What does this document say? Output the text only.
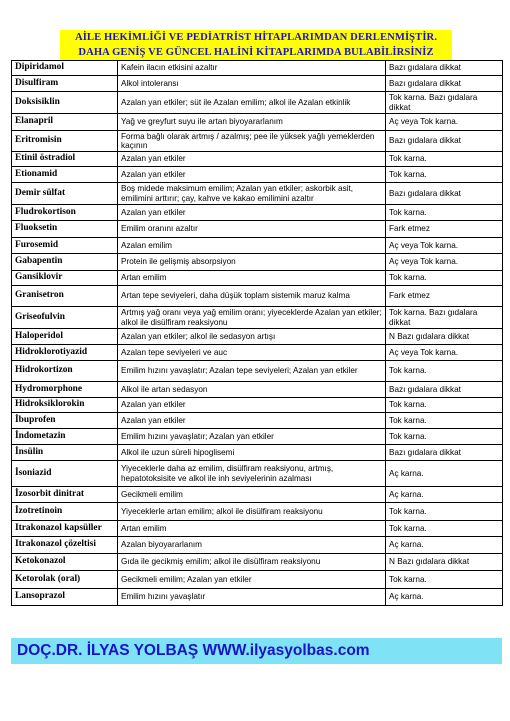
AİLE HEKİMLİĞİ VE PEDİATRİST HİTAPLARIMDAN DERLENMİŞTİR.
DAHA GENİŞ VE GÜNCEL HALİNİ KİTAPLARIMDA BULABİLİRSİNİZ
Dipiridamol	Kafein ilacın etkisini azaltır	Bazı gıdalara dikkat
Disulfiram	Alkol intoleransı	Bazı gıdalara dikkat
Doksisiklin	Azalan yan etkiler; süt ile Azalan emilim; alkol ile Azalan etkinlik	Tok karna. Bazı gıdalara dikkat
Elanapril	Yağ ve greyfurt suyu ile artan biyoyararlanım	Aç veya Tok karna.
Eritromisin	Forma bağlı olarak artmış / azalmış; pee ile yüksek yağlı yemeklerden kaçının	Bazı gıdalara dikkat
Etinil östradiol	Azalan yan etkiler	Tok karna.
Etionamid	Azalan yan etkiler	Tok karna.
Demir sülfat	Boş midede maksimum emilim; Azalan yan etkiler; askorbik asit, emilimini arttırır; çay, kahve ve kakao emilimini azaltır	Bazı gıdalara dikkat
Fludrokortison	Azalan yan etkiler	Tok karna.
Fluoksetin	Emilim oranını azaltır	Fark etmez
Furosemid	Azalan emilim	Aç veya Tok karna.
Gabapentin	Protein ile gelişmiş absorpsiyon	Aç veya Tok karna.
Gansiklovir	Artan emilim	Tok karna.
Granisetron	Artan tepe seviyeleri, daha düşük toplam sistemik maruz kalma	Fark etmez
Griseofulvin	Artmış yağ oranı veya yağ emilim oranı; yiyeceklerde Azalan yan etkiler; alkol ile disülfiram reaksiyonu	Tok karna. Bazı gıdalara dikkat
Haloperidol	Azalan yan etkiler; alkol ile sedasyon artışı	N Bazı gıdalara dikkat
Hidroklorotiyazid	Azalan tepe seviyeleri ve auc	Aç veya Tok karna.
Hidrokortizon	Emilim hızını yavaşlatır; Azalan tepe seviyeleri; Azalan yan etkiler	Tok karna.
Hydromorphone	Alkol ile artan sedasyon	Bazı gıdalara dikkat
Hidroksiklorokin	Azalan yan etkiler	Tok karna.
İbuprofen	Azalan yan etkiler	Tok karna.
İndometazin	Emilim hızını yavaşlatır; Azalan yan etkiler	Tok karna.
İnsülin	Alkol ile uzun süreli hipoglisemi	Bazı gıdalara dikkat
İsoniazid	Yiyeceklerle daha az emilim, disülfiram reaksiyonu, artmış, hepatotoksisite ve alkol ile inh seviyelerinin azalması	Aç karna.
İzosorbit dinitrat	Gecikmeli emilim	Aç karna.
İzotretinoin	Yiyeceklerle artan emilim; alkol ile disülfiram reaksiyonu	Tok karna.
Itrakonazol kapsüller	Artan emilim	Tok karna.
Itrakonazol çözeltisi	Azalan biyoyararlanım	Aç karna.
Ketokonazol	Gıda ile gecikmiş emilim; alkol ile disülfiram reaksiyonu	N Bazı gıdalara dikkat
Ketorolak (oral)	Gecikmeli emilim; Azalan yan etkiler	Tok karna.
Lansoprazol	Emilim hızını yavaşlatır	Aç karna.
DOÇ.DR. İLYAS YOLBAŞ WWW.ilyasyolbas.com
